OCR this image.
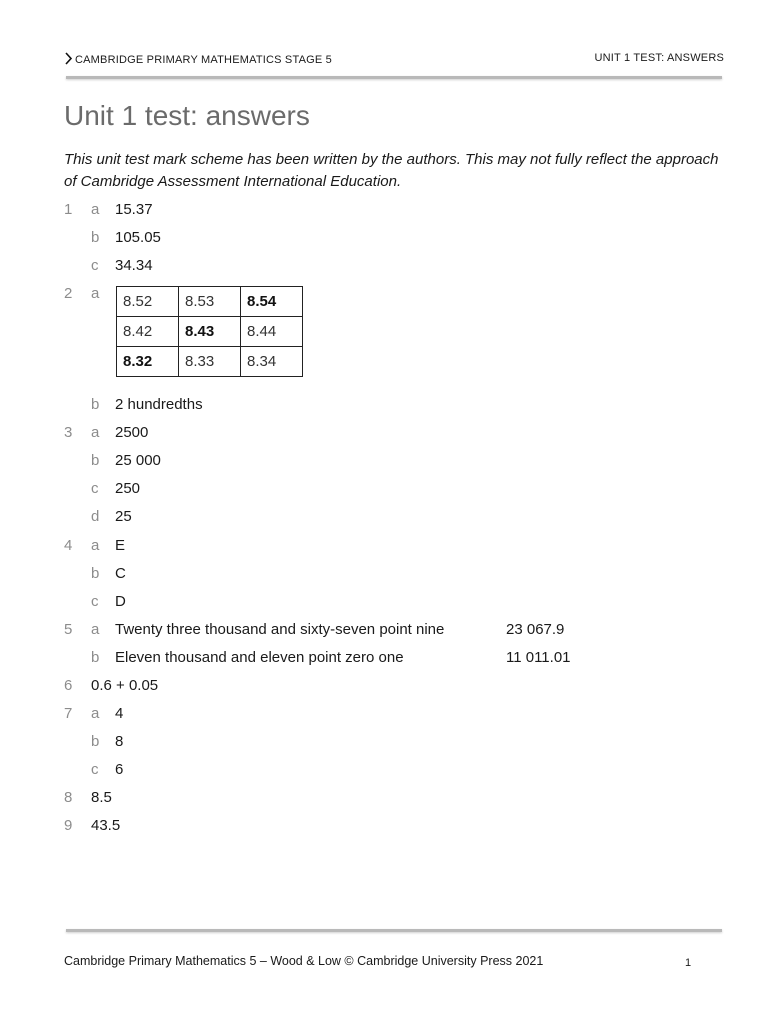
CAMBRIDGE PRIMARY MATHEMATICS STAGE 5	UNIT 1 TEST: ANSWERS
Unit 1 test: answers

This unit test mark scheme has been written by the authors. This may not fully reflect the approach of Cambridge Assessment International Education.

1 a 15.37
b 105.05
c 34.34
2 a 8.52	8.53	8.54
8.42	8.43	8.44
8.32	8.33	8.34
b 2 hundredths
3 a 2500
b 25 000
c 250
d 25
4 a E
b C
c D
5 a Twenty three thousand and sixty-seven point nine	23 067.9
b Eleven thousand and eleven point zero one	11 011.01
6 0.6 + 0.05
7 a 4
b 8
c 6
8 8.5
9 43.5
Cambridge Primary Mathematics 5 – Wood & Low © Cambridge University Press 2021	1
